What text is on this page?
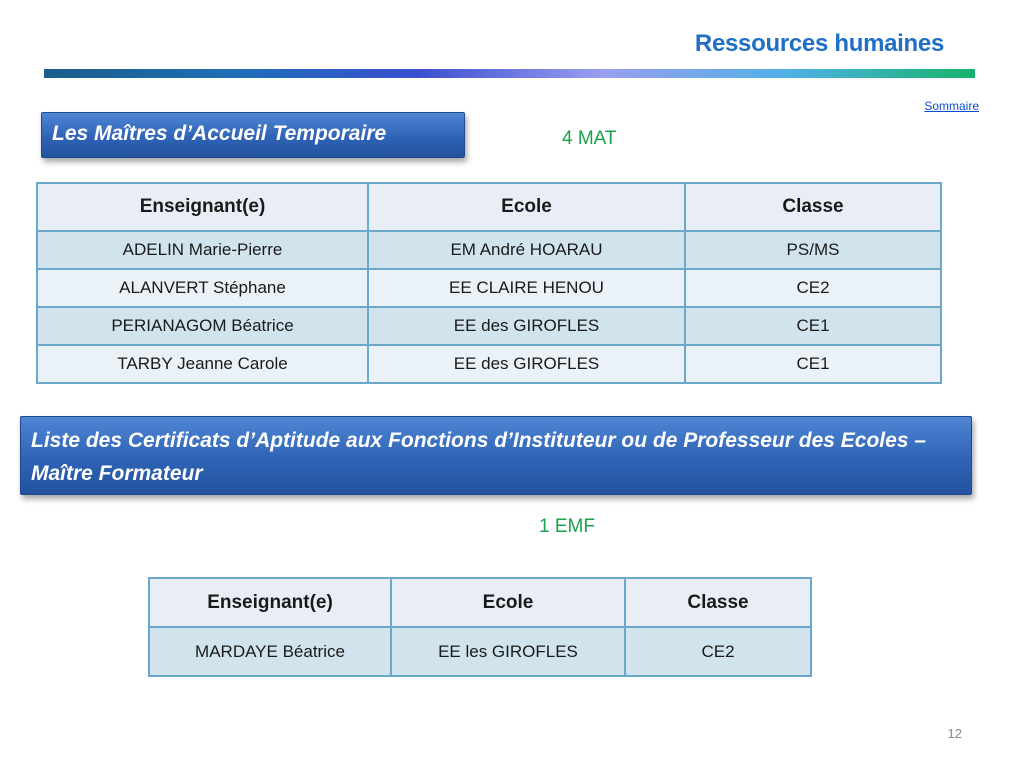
Ressources humaines
Sommaire
Les Maîtres d’Accueil Temporaire	4 MAT
Enseignant(e)	Ecole	Classe
ADELIN Marie-Pierre	EM André HOARAU	PS/MS
ALANVERT Stéphane	EE CLAIRE HENOU	CE2
PERIANAGOM Béatrice	EE des GIROFLES	CE1
TARBY Jeanne Carole	EE des GIROFLES	CE1
Liste des Certificats d’Aptitude aux Fonctions d’Instituteur ou de Professeur des Ecoles – Maître Formateur
1 EMF
Enseignant(e)	Ecole	Classe
MARDAYE Béatrice	EE les GIROFLES	CE2
12
